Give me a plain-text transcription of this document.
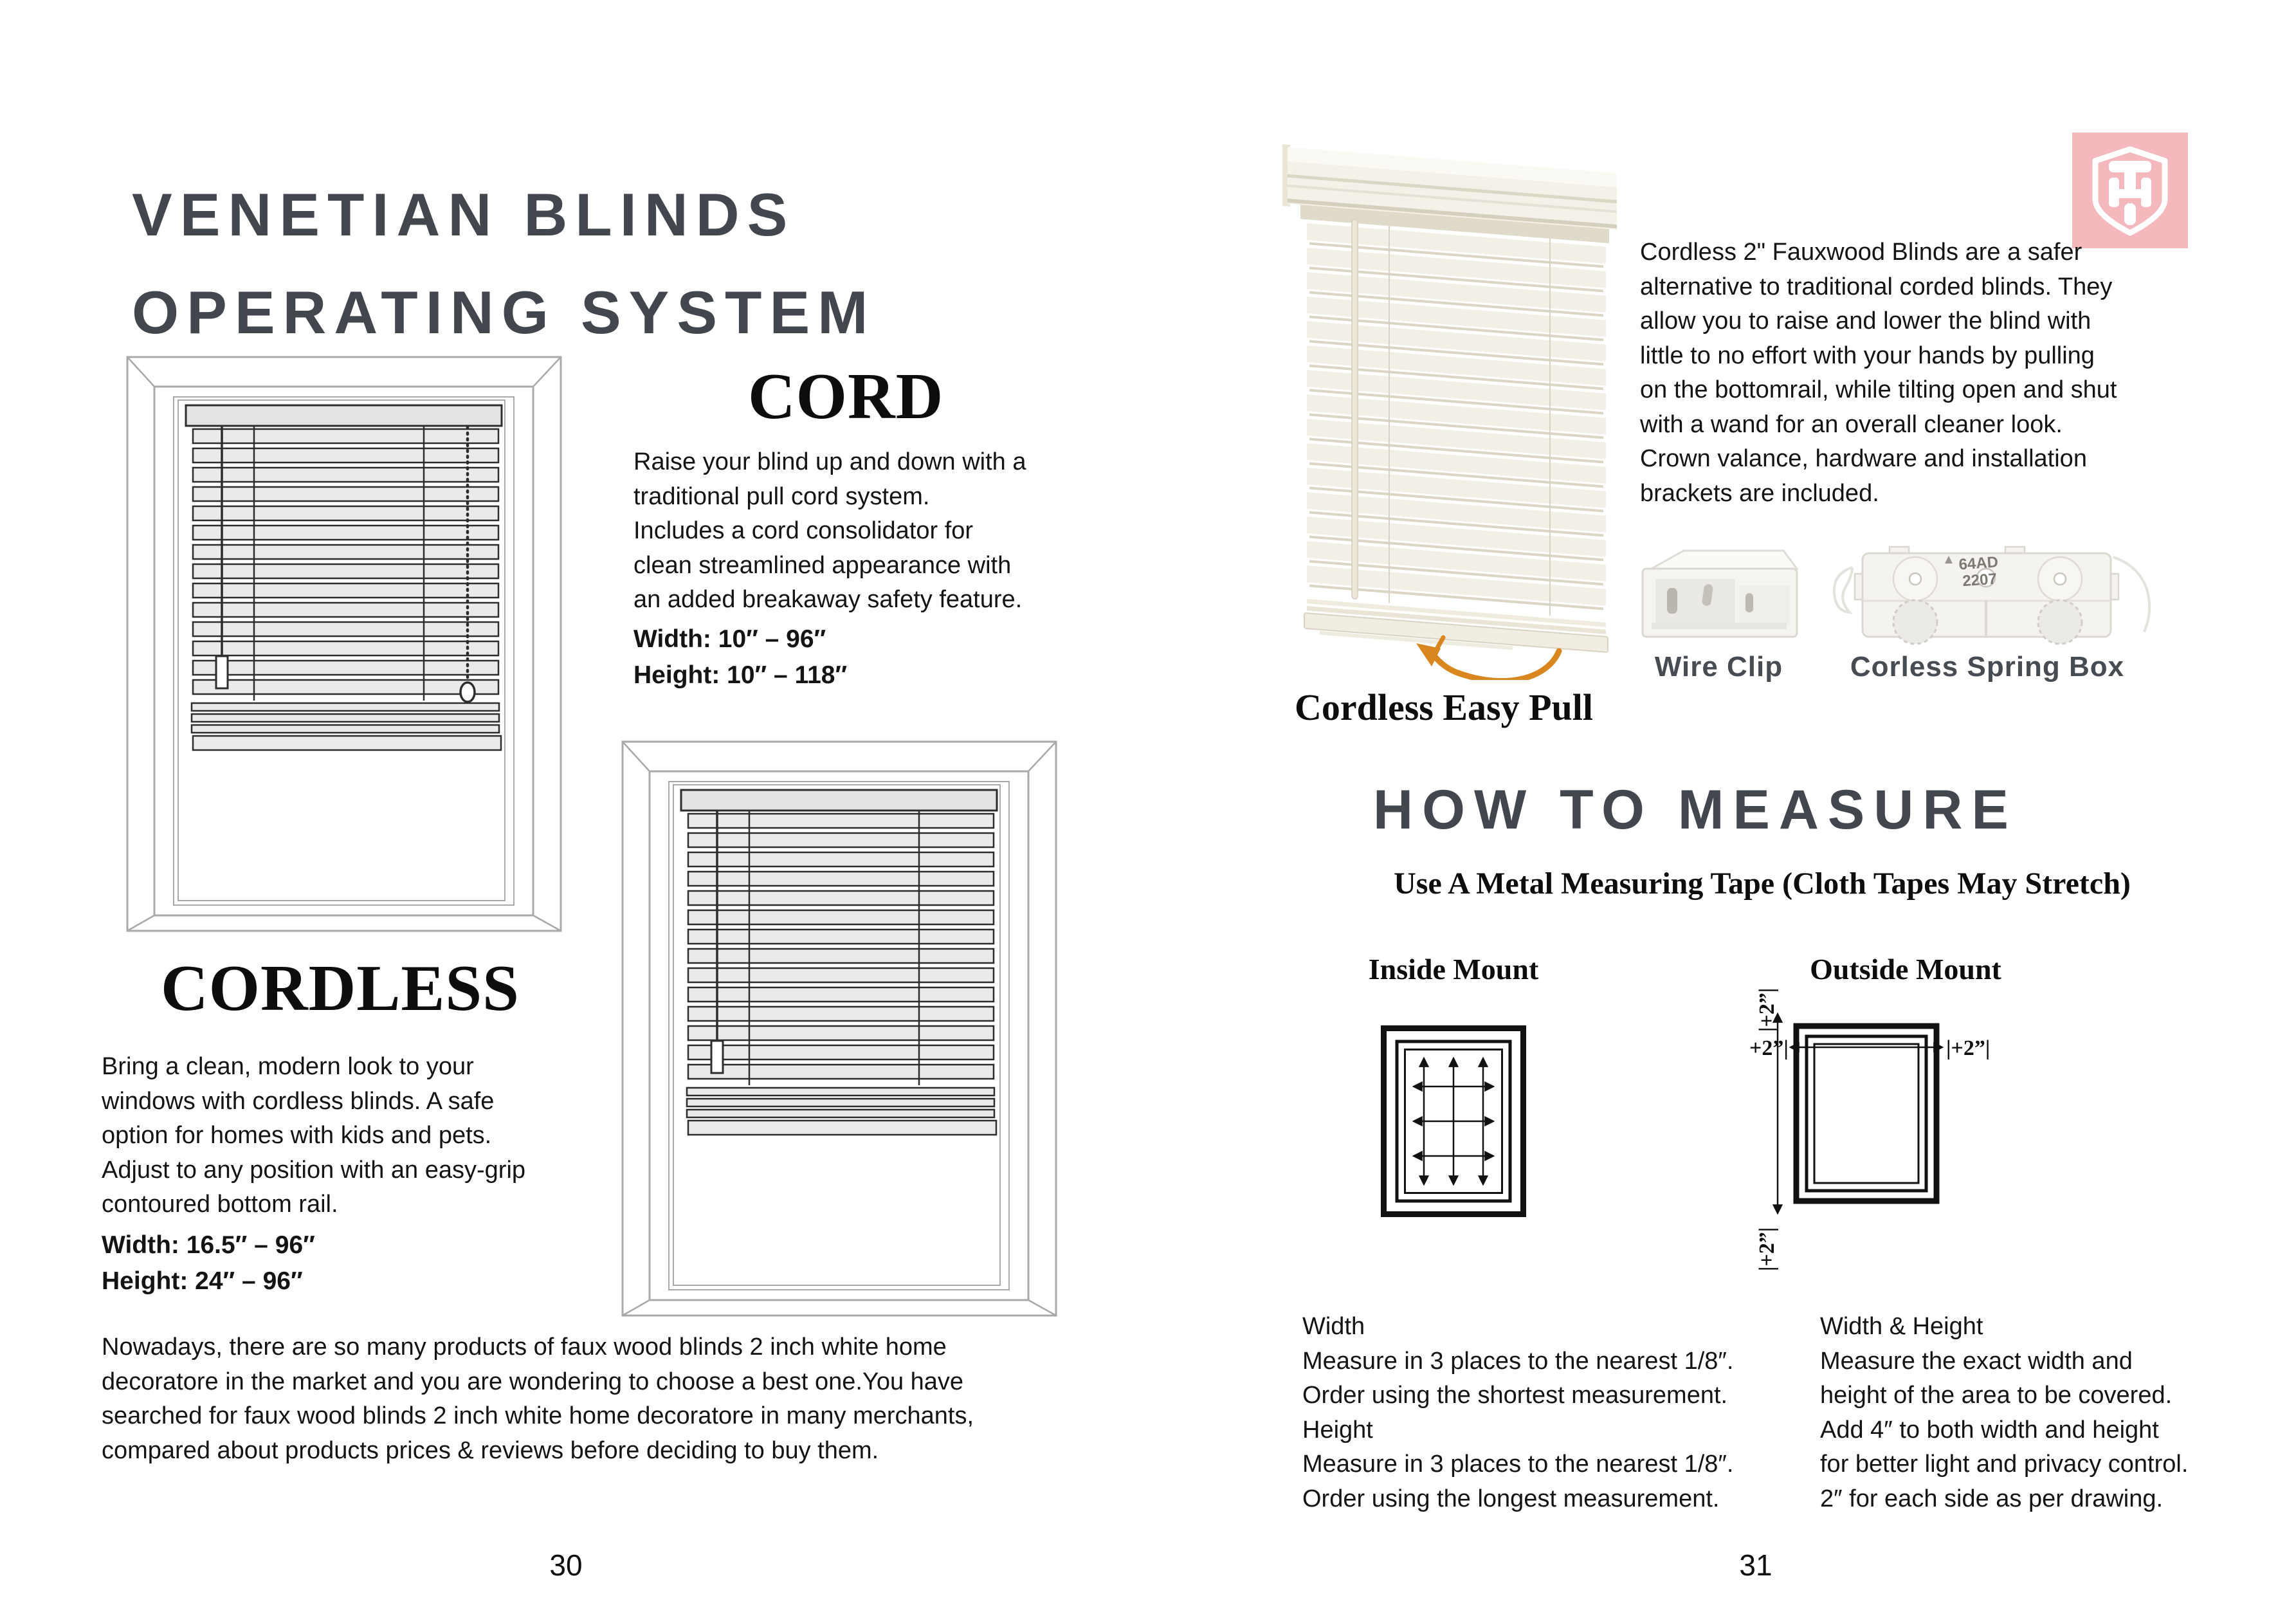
VENETIAN BLINDS
OPERATING SYSTEM
CORD
Raise your blind up and down with a
traditional pull cord system.
Includes a cord consolidator for
clean streamlined appearance with
an added breakaway safety feature.
Width: 10″ – 96″
Height: 10″ – 118″
CORDLESS
Bring a clean, modern look to your
windows with cordless blinds. A safe
option for homes with kids and pets.
Adjust to any position with an easy-grip
contoured bottom rail.
Width: 16.5″ – 96″
Height: 24″ – 96″
Nowadays, there are so many products of faux wood blinds 2 inch white home
decoratore in the market and you are wondering to choose a best one.You have
searched for faux wood blinds 2 inch white home decoratore in many merchants,
compared about products prices & reviews before deciding to buy them.
30
Cordless 2" Fauxwood Blinds are a safer
alternative to traditional corded blinds. They
allow you to raise and lower the blind with
little to no effort with your hands by pulling
on the bottomrail, while tilting open and shut
with a wand for an overall cleaner look.
Crown valance, hardware and installation
brackets are included.
Cordless Easy Pull
64AD
2207
Wire Clip	Corless Spring Box
HOW TO MEASURE
Use A Metal Measuring Tape (Cloth Tapes May Stretch)
Inside Mount	Outside Mount
+2”|	|+2”|
|+2”|
|+2”|
Width
Measure in 3 places to the nearest 1/8″.
Order using the shortest measurement.
Height
Measure in 3 places to the nearest 1/8″.
Order using the longest measurement.
Width & Height
Measure the exact width and
height of the area to be covered.
Add 4″ to both width and height
for better light and privacy control.
2″ for each side as per drawing.
31
